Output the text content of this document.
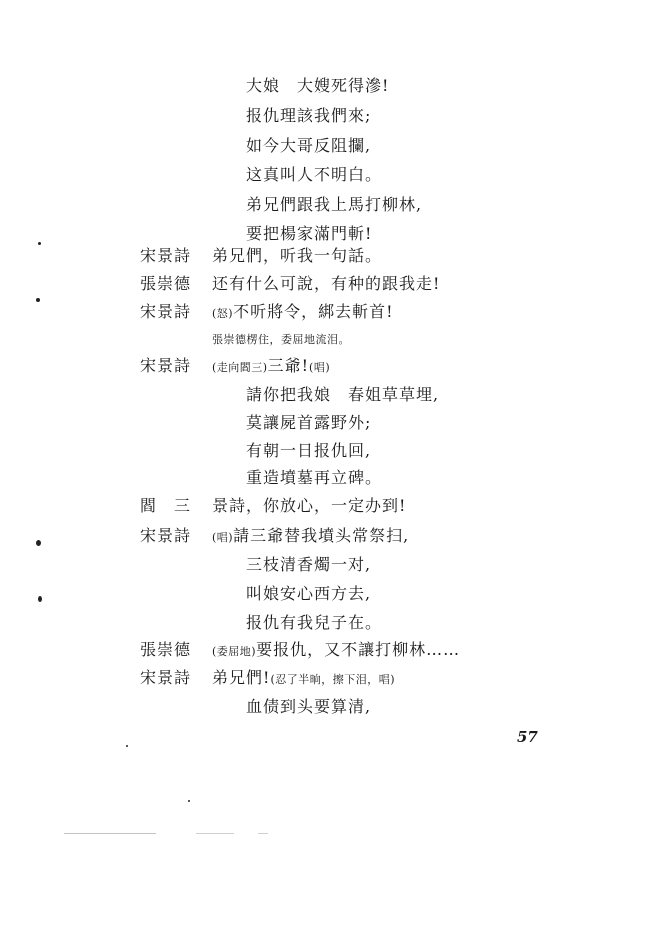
大娘　大嫂死得滲!
报仇理該我們來;
如今大哥反阻攔,
这真叫人不明白。
弟兄們跟我上馬打柳林,
要把楊家滿門斬!
宋景詩 弟兄們，听我一句話。
張崇德 还有什么可說，有种的跟我走!
宋景詩 (怒)不听將令，綁去斬首!
張崇德楞住，委屈地流泪。
宋景詩 (走向閻三)三爺!(唱)
請你把我娘　春姐草草埋,
莫讓屍首露野外;
有朝一日报仇回,
重造墳墓再立碑。
閻　三 景詩，你放心，一定办到!
宋景詩 (唱)請三爺替我墳头常祭扫,
三枝清香燭一对,
叫娘安心西方去,
报仇有我兒子在。
張崇德 (委屈地)要报仇，又不讓打柳林……
宋景詩 弟兄們!(忍了半晌，擦下泪，唱)
血债到头要算清,
57
